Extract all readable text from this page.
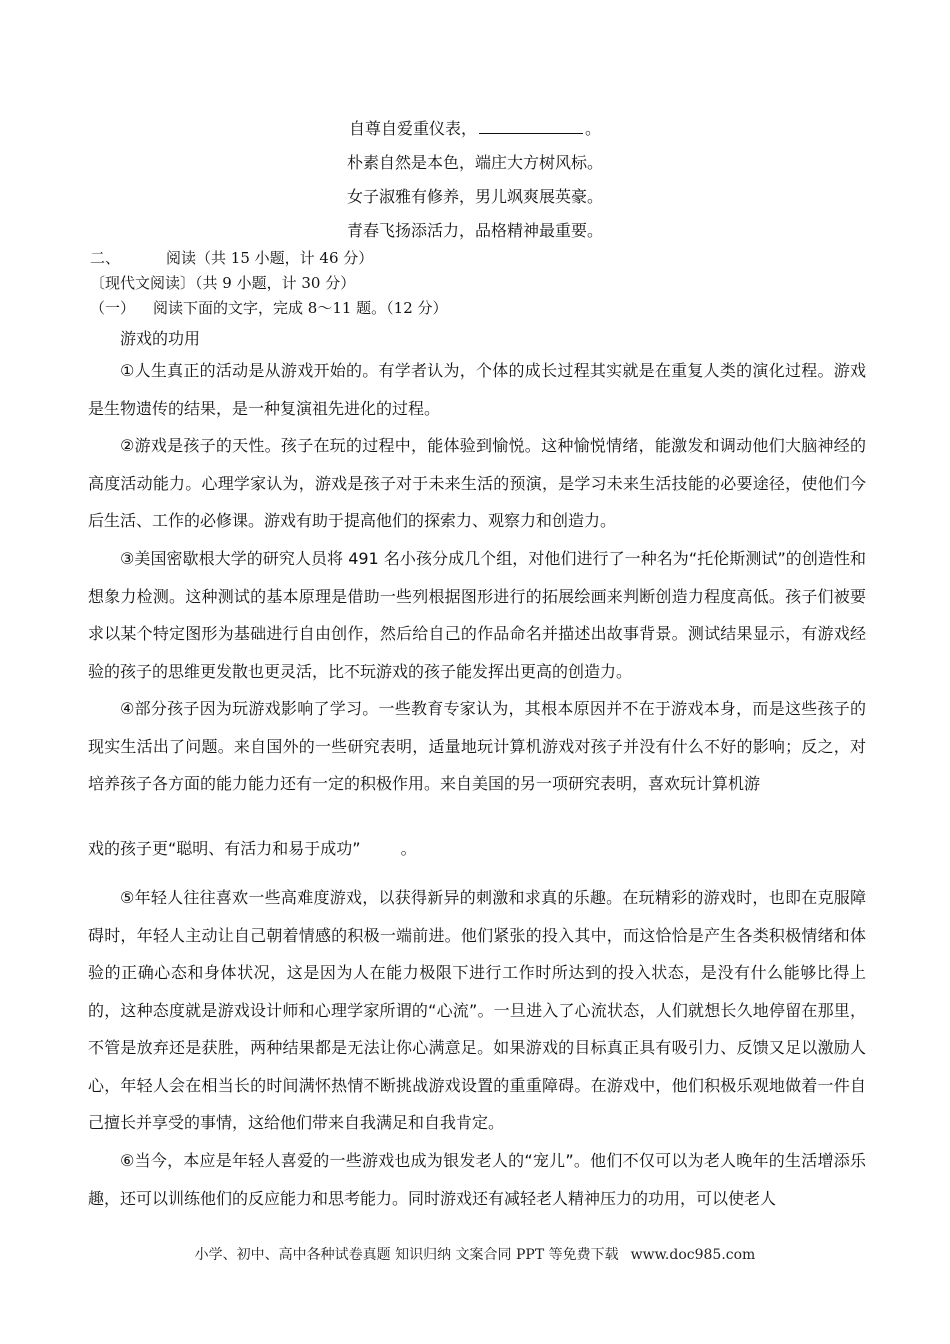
自尊自爱重仪表，	。
朴素自然是本色，端庄大方树风标。
女子淑雅有修养，男儿飒爽展英豪。
青春飞扬添活力，品格精神最重要。
二、	阅读（共 15 小题，计 46 分）
〔现代文阅读〕（共 9 小题，计 30 分）
（一） 阅读下面的文字，完成 8～11 题。（12 分）
游戏的功用
①人生真正的活动是从游戏开始的。有学者认为，个体的成长过程其实就是在重复人类的演化过程。游戏是生物遗传的结果，是一种复演祖先进化的过程。
②游戏是孩子的天性。孩子在玩的过程中，能体验到愉悦。这种愉悦情绪，能激发和调动他们大脑神经的高度活动能力。心理学家认为，游戏是孩子对于未来生活的预演，是学习未来生活技能的必要途径，使他们今后生活、工作的必修课。游戏有助于提高他们的探索力、观察力和创造力。
③美国密歇根大学的研究人员将 491 名小孩分成几个组，对他们进行了一种名为“托伦斯测试”的创造性和想象力检测。这种测试的基本原理是借助一些列根据图形进行的拓展绘画来判断创造力程度高低。孩子们被要求以某个特定图形为基础进行自由创作，然后给自己的作品命名并描述出故事背景。测试结果显示，有游戏经验的孩子的思维更发散也更灵活，比不玩游戏的孩子能发挥出更高的创造力。
④部分孩子因为玩游戏影响了学习。一些教育专家认为，其根本原因并不在于游戏本身，而是这些孩子的现实生活出了问题。来自国外的一些研究表明，适量地玩计算机游戏对孩子并没有什么不好的影响；反之，对培养孩子各方面的能力能力还有一定的积极作用。来自美国的另一项研究表明，喜欢玩计算机游
戏的孩子更“聪明、有活力和易于成功”	。
⑤年轻人往往喜欢一些高难度游戏，以获得新异的刺激和求真的乐趣。在玩精彩的游戏时，也即在克服障碍时，年轻人主动让自己朝着情感的积极一端前进。他们紧张的投入其中，而这恰恰是产生各类积极情绪和体验的正确心态和身体状况，这是因为人在能力极限下进行工作时所达到的投入状态，是没有什么能够比得上的，这种态度就是游戏设计师和心理学家所谓的“心流”。一旦进入了心流状态，人们就想长久地停留在那里，不管是放弃还是获胜，两种结果都是无法让你心满意足。如果游戏的目标真正具有吸引力、反馈又足以激励人心，年轻人会在相当长的时间满怀热情不断挑战游戏设置的重重障碍。在游戏中，他们积极乐观地做着一件自己擅长并享受的事情，这给他们带来自我满足和自我肯定。
⑥当今，本应是年轻人喜爱的一些游戏也成为银发老人的“宠儿”。他们不仅可以为老人晚年的生活增添乐趣，还可以训练他们的反应能力和思考能力。同时游戏还有减轻老人精神压力的功用，可以使老人
小学、初中、高中各种试卷真题 知识归纳 文案合同 PPT 等免费下载 www.doc985.com
